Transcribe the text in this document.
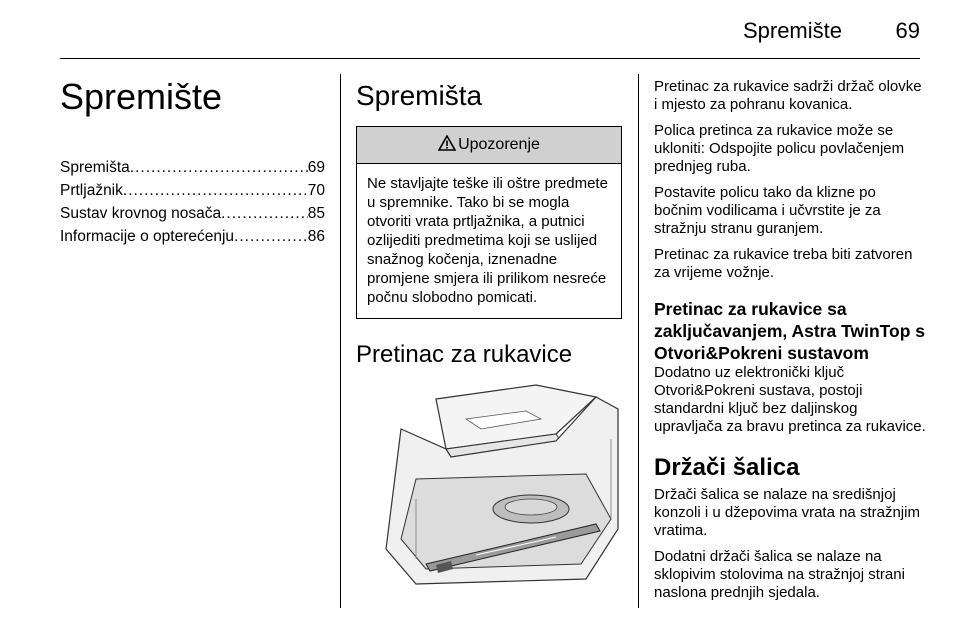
Spremište 69
Spremište
Spremišta .....	69
Prtljažnik .....	70
Sustav krovnog nosača .....	85
Informacije o opterećenju .....	86
Spremišta
Upozorenje
Ne stavljajte teške ili oštre predmete u spremnike. Tako bi se mogla otvoriti vrata prtljažnika, a putnici ozlijediti predmetima koji se uslijed snažnog kočenja, iznenadne promjene smjera ili prilikom nesreće počnu slobodno pomicati.
Pretinac za rukavice

Pretinac za rukavice sadrži držač olovke i mjesto za pohranu kovanica.

Polica pretinca za rukavice može se ukloniti: Odspojite policu povlačenjem prednjeg ruba.

Postavite policu tako da klizne po bočnim vodilicama i učvrstite je za stražnju stranu guranjem.

Pretinac za rukavice treba biti zatvoren za vrijeme vožnje.

Pretinac za rukavice sa zaključavanjem, Astra TwinTop s Otvori&Pokreni sustavom

Dodatno uz elektronički ključ Otvori&Pokreni sustava, postoji standardni ključ bez daljinskog upravljača za bravu pretinca za rukavice.

Držači šalica

Držači šalica se nalaze na središnjoj konzoli i u džepovima vrata na stražnjim vratima.

Dodatni držači šalica se nalaze na sklopivim stolovima na stražnjoj strani naslona prednjih sjedala.
